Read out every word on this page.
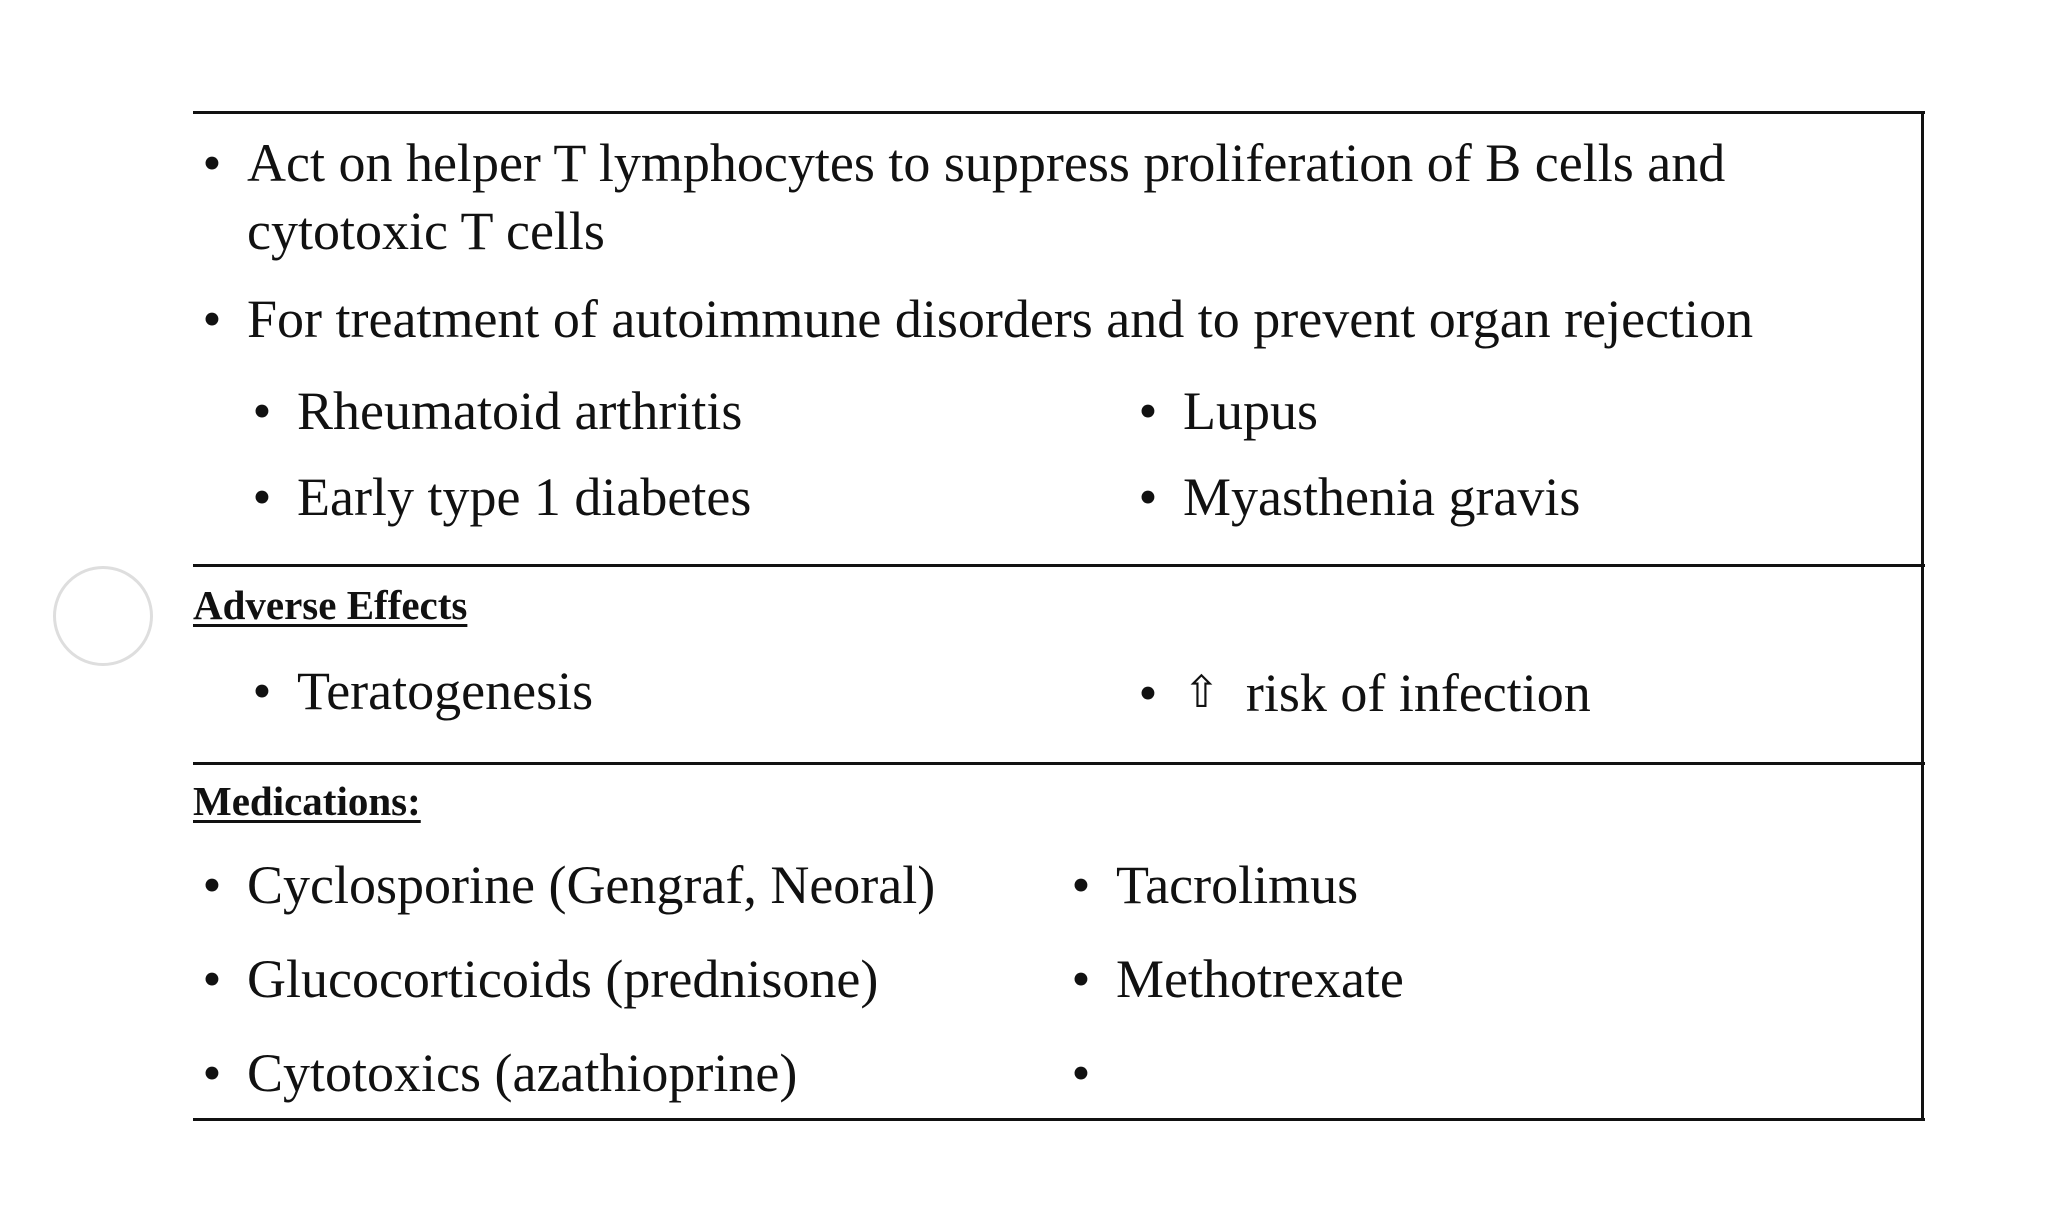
• Act on helper T lymphocytes to suppress proliferation of B cells and cytotoxic T cells
• For treatment of autoimmune disorders and to prevent organ rejection
• Rheumatoid arthritis	• Lupus
• Early type 1 diabetes	• Myasthenia gravis
Adverse Effects
• Teratogenesis	• ⇧ risk of infection
Medications:
• Cyclosporine (Gengraf, Neoral)	• Tacrolimus
• Glucocorticoids (prednisone)	• Methotrexate
• Cytotoxics (azathioprine)	•
